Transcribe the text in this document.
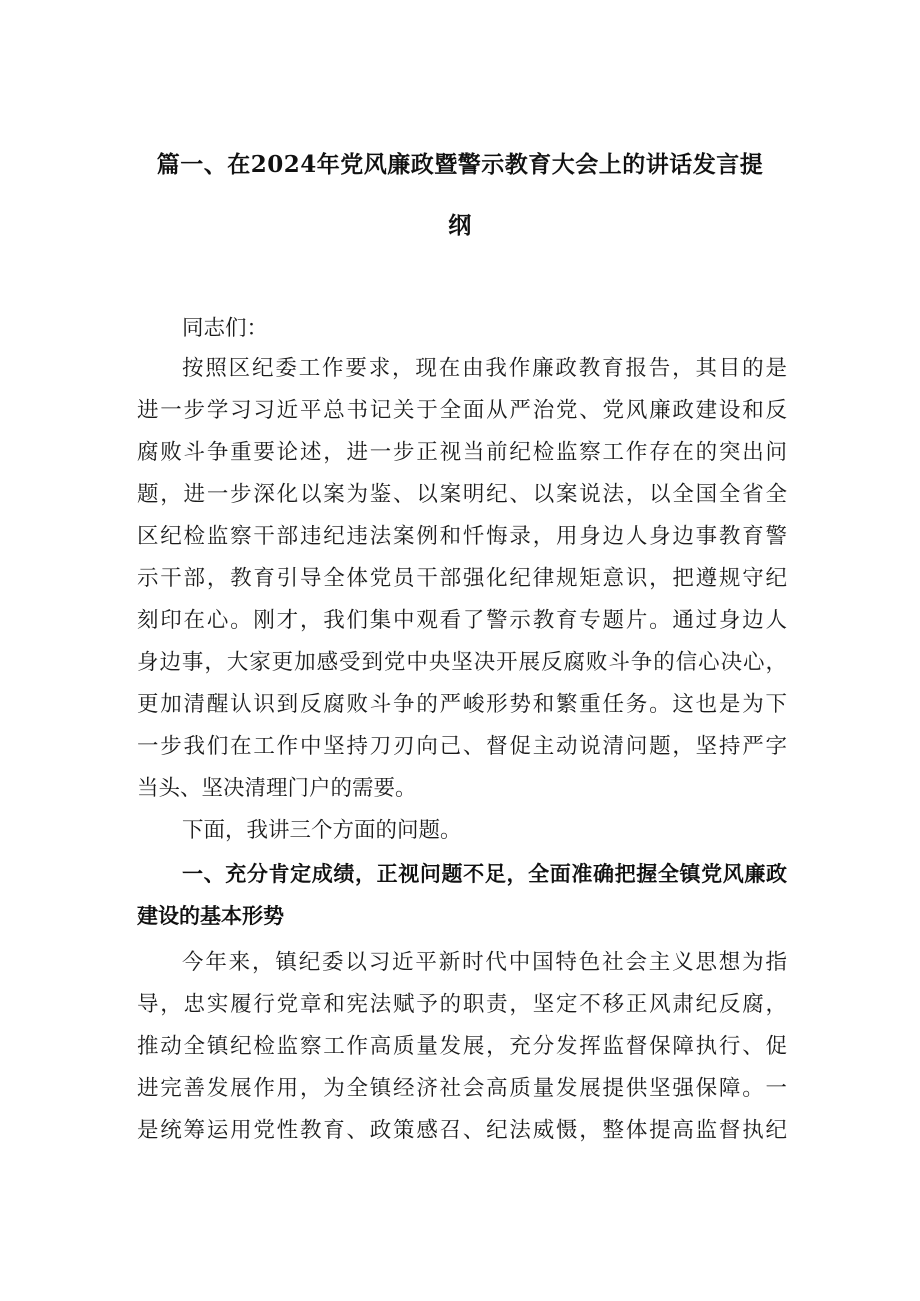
篇一、在2024年党风廉政暨警示教育大会上的讲话发言提
纲
同志们：
按照区纪委工作要求，现在由我作廉政教育报告，其目的是
进一步学习习近平总书记关于全面从严治党、党风廉政建设和反
腐败斗争重要论述，进一步正视当前纪检监察工作存在的突出问
题，进一步深化以案为鉴、以案明纪、以案说法，以全国全省全
区纪检监察干部违纪违法案例和忏悔录，用身边人身边事教育警
示干部，教育引导全体党员干部强化纪律规矩意识，把遵规守纪
刻印在心。刚才，我们集中观看了警示教育专题片。通过身边人
身边事，大家更加感受到党中央坚决开展反腐败斗争的信心决心，
更加清醒认识到反腐败斗争的严峻形势和繁重任务。这也是为下
一步我们在工作中坚持刀刃向己、督促主动说清问题，坚持严字
当头、坚决清理门户的需要。
下面，我讲三个方面的问题。
一、充分肯定成绩，正视问题不足，全面准确把握全镇党风廉政
建设的基本形势
今年来，镇纪委以习近平新时代中国特色社会主义思想为指
导，忠实履行党章和宪法赋予的职责，坚定不移正风肃纪反腐，
推动全镇纪检监察工作高质量发展，充分发挥监督保障执行、促
进完善发展作用，为全镇经济社会高质量发展提供坚强保障。一
是统筹运用党性教育、政策感召、纪法威慑，整体提高监督执纪
